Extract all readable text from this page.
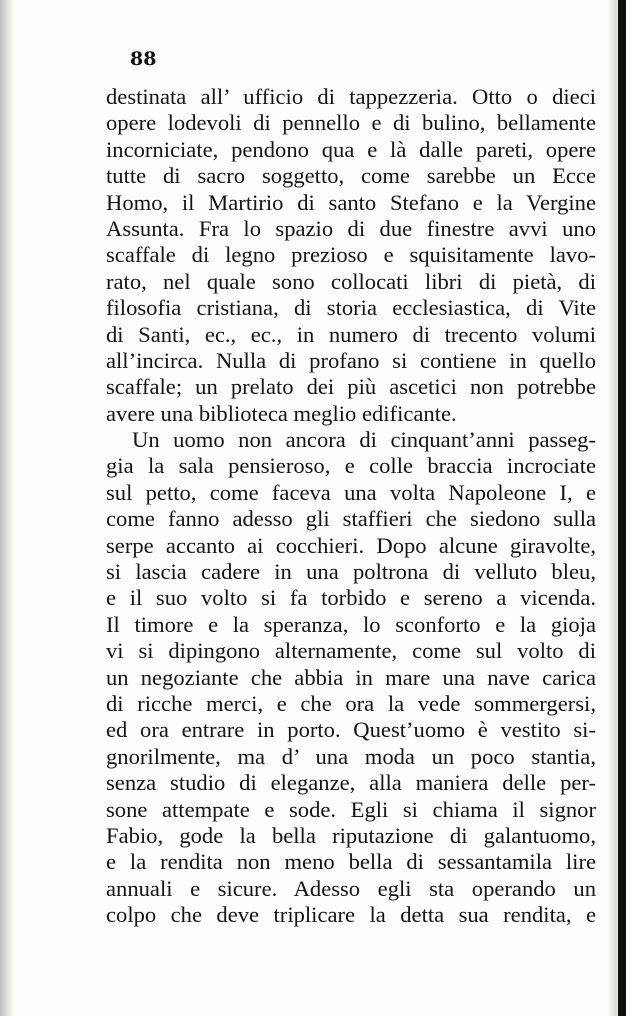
88
destinata all’ ufficio di tappezzeria. Otto o dieci
opere lodevoli di pennello e di bulino, bellamente
incorniciate, pendono qua e là dalle pareti, opere
tutte di sacro soggetto, come sarebbe un Ecce
Homo, il Martirio di santo Stefano e la Vergine
Assunta. Fra lo spazio di due finestre avvi uno
scaffale di legno prezioso e squisitamente lavo-
rato, nel quale sono collocati libri di pietà, di
filosofia cristiana, di storia ecclesiastica, di Vite
di Santi, ec., ec., in numero di trecento volumi
all’incirca. Nulla di profano si contiene in quello
scaffale; un prelato dei più ascetici non potrebbe
avere una biblioteca meglio edificante.
Un uomo non ancora di cinquant’anni passeg-
gia la sala pensieroso, e colle braccia incrociate
sul petto, come faceva una volta Napoleone I, e
come fanno adesso gli staffieri che siedono sulla
serpe accanto ai cocchieri. Dopo alcune giravolte,
si lascia cadere in una poltrona di velluto bleu,
e il suo volto si fa torbido e sereno a vicenda.
Il timore e la speranza, lo sconforto e la gioja
vi si dipingono alternamente, come sul volto di
un negoziante che abbia in mare una nave carica
di ricche merci, e che ora la vede sommergersi,
ed ora entrare in porto. Quest’uomo è vestito si-
gnorilmente, ma d’ una moda un poco stantia,
senza studio di eleganze, alla maniera delle per-
sone attempate e sode. Egli si chiama il signor
Fabio, gode la bella riputazione di galantuomo,
e la rendita non meno bella di sessantamila lire
annuali e sicure. Adesso egli sta operando un
colpo che deve triplicare la detta sua rendita, e
